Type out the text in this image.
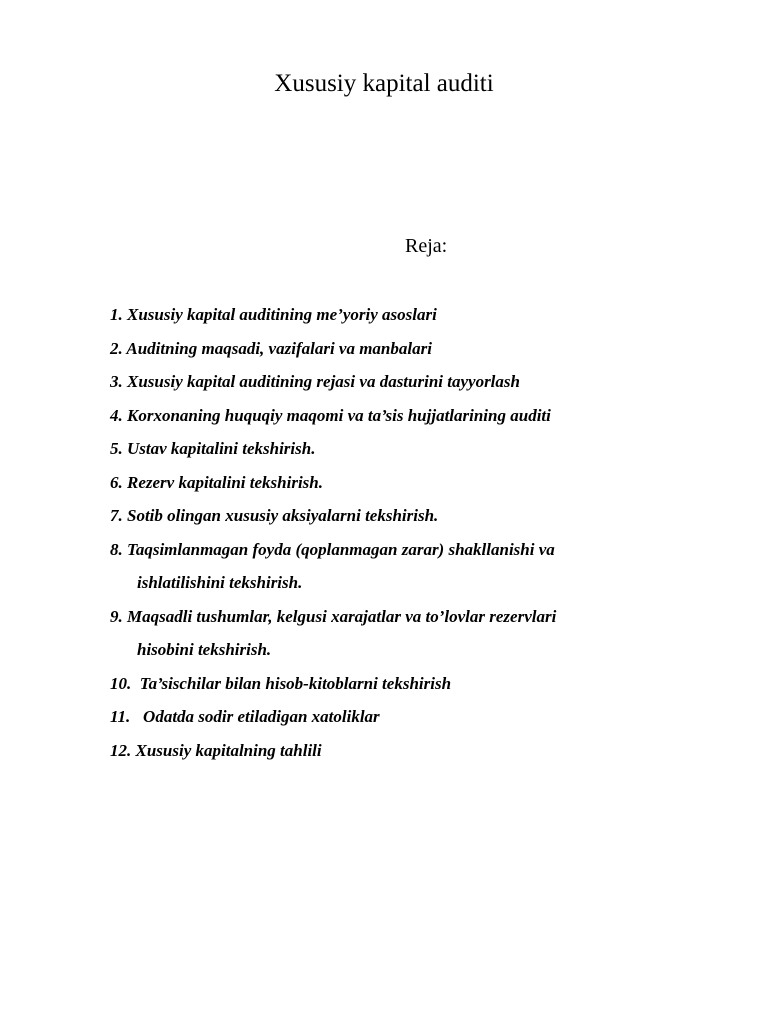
Xususiy kapital auditi
Reja:
1. Xususiy kapital auditining me’yoriy asoslari
2. Auditning maqsadi, vazifalari va manbalari
3. Xususiy kapital auditining rejasi va dasturini tayyorlash
4. Korxonaning huquqiy maqomi va ta’sis hujjatlarining auditi
5. Ustav kapitalini tekshirish.
6. Rezerv kapitalini tekshirish.
7. Sotib olingan xususiy aksiyalarni tekshirish.
8. Taqsimlanmagan foyda (qoplanmagan zarar) shakllanishi va
ishlatilishini tekshirish.
9. Maqsadli tushumlar, kelgusi xarajatlar va to’lovlar rezervlari
hisobini tekshirish.
10.  Ta’sischilar bilan hisob-kitoblarni tekshirish
11.   Odatda sodir etiladigan xatoliklar
12. Xususiy kapitalning tahlili
